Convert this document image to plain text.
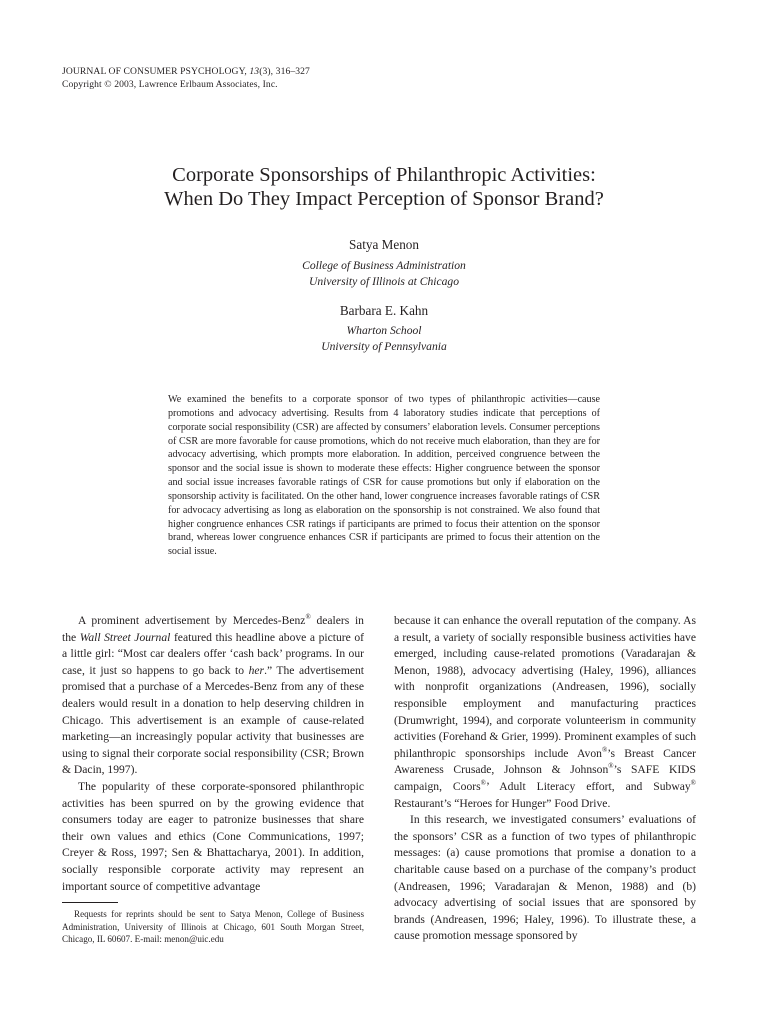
JOURNAL OF CONSUMER PSYCHOLOGY, 13(3), 316–327
Copyright © 2003, Lawrence Erlbaum Associates, Inc.
Corporate Sponsorships of Philanthropic Activities:
When Do They Impact Perception of Sponsor Brand?
Satya Menon
College of Business Administration
University of Illinois at Chicago
Barbara E. Kahn
Wharton School
University of Pennsylvania
We examined the benefits to a corporate sponsor of two types of philanthropic activities—cause promotions and advocacy advertising. Results from 4 laboratory studies indicate that perceptions of corporate social responsibility (CSR) are affected by consumers’ elaboration levels. Consumer perceptions of CSR are more favorable for cause promotions, which do not receive much elaboration, than they are for advocacy advertising, which prompts more elaboration. In addition, perceived congruence between the sponsor and the social issue is shown to moderate these effects: Higher congruence between the sponsor and social issue increases favorable ratings of CSR for cause promotions but only if elaboration on the sponsorship activity is facilitated. On the other hand, lower congruence increases favorable ratings of CSR for advocacy advertising as long as elaboration on the sponsorship is not constrained. We also found that higher congruence enhances CSR ratings if participants are primed to focus their attention on the sponsor brand, whereas lower congruence enhances CSR if participants are primed to focus their attention on the social issue.

A prominent advertisement by Mercedes-Benz® dealers in the Wall Street Journal featured this headline above a picture of a little girl: “Most car dealers offer ‘cash back’ programs. In our case, it just so happens to go back to her.” The advertisement promised that a purchase of a Mercedes-Benz from any of these dealers would result in a donation to help deserving children in Chicago. This advertisement is an example of cause-related marketing—an increasingly popular activity that businesses are using to signal their corporate social responsibility (CSR; Brown & Dacin, 1997).

The popularity of these corporate-sponsored philanthropic activities has been spurred on by the growing evidence that consumers today are eager to patronize businesses that share their own values and ethics (Cone Communications, 1997; Creyer & Ross, 1997; Sen & Bhattacharya, 2001). In addition, socially responsible corporate activity may represent an important source of competitive advantage

Requests for reprints should be sent to Satya Menon, College of Business Administration, University of Illinois at Chicago, 601 South Morgan Street, Chicago, IL 60607. E-mail: menon@uic.edu

because it can enhance the overall reputation of the company. As a result, a variety of socially responsible business activities have emerged, including cause-related promotions (Varadarajan & Menon, 1988), advocacy advertising (Haley, 1996), alliances with nonprofit organizations (Andreasen, 1996), socially responsible employment and manufacturing practices (Drumwright, 1994), and corporate volunteerism in community activities (Forehand & Grier, 1999). Prominent examples of such philanthropic sponsorships include Avon®’s Breast Cancer Awareness Crusade, Johnson & Johnson®’s SAFE KIDS campaign, Coors®’ Adult Literacy effort, and Subway® Restaurant’s “Heroes for Hunger” Food Drive.

In this research, we investigated consumers’ evaluations of the sponsors’ CSR as a function of two types of philanthropic messages: (a) cause promotions that promise a donation to a charitable cause based on a purchase of the company’s product (Andreasen, 1996; Varadarajan & Menon, 1988) and (b) advocacy advertising of social issues that are sponsored by brands (Andreasen, 1996; Haley, 1996). To illustrate these, a cause promotion message sponsored by
